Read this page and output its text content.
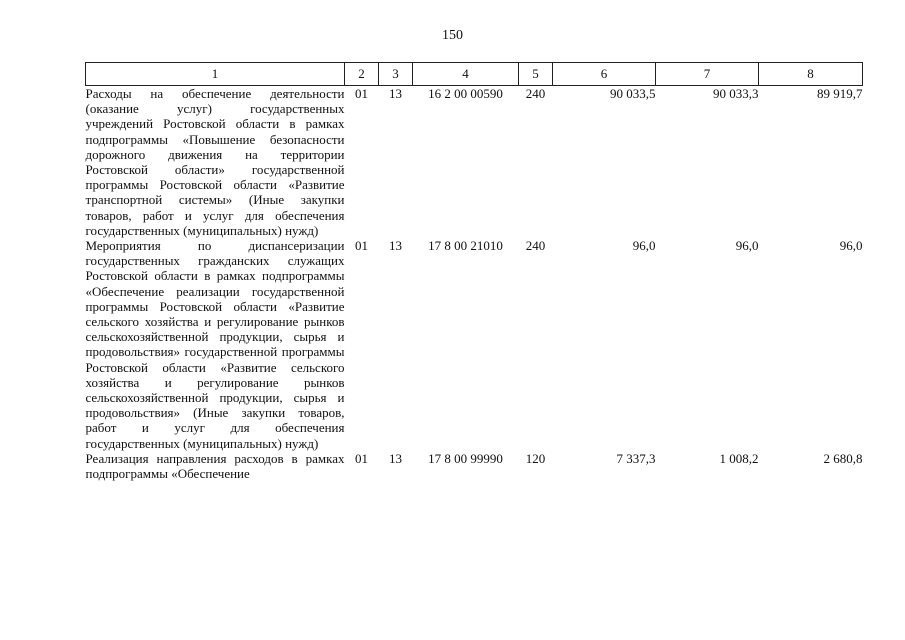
150
1	2	3	4	5	6	7	8
Расходы на обеспечение деятельности (оказание услуг) государственных учреждений Ростовской области в рамках подпрограммы «Повышение безопасности дорожного движения на территории Ростовской области» государственной программы Ростовской области «Развитие транспортной системы» (Иные закупки товаров, работ и услуг для обеспечения государственных (муниципальных) нужд)	01	13	16 2 00 00590	240	90 033,5	90 033,3	89 919,7
Мероприятия по диспансеризации государственных гражданских служащих Ростовской области в рамках подпрограммы «Обеспечение реализации государственной программы Ростовской области «Развитие сельского хозяйства и регулирование рынков сельскохозяйственной продукции, сырья и продовольствия» государственной программы Ростовской области «Развитие сельского хозяйства и регулирование рынков сельскохозяйственной продукции, сырья и продовольствия» (Иные закупки товаров, работ и услуг для обеспечения государственных (муниципальных) нужд)	01	13	17 8 00 21010	240	96,0	96,0	96,0
Реализация направления расходов в рамках подпрограммы «Обеспечение	01	13	17 8 00 99990	120	7 337,3	1 008,2	2 680,8
